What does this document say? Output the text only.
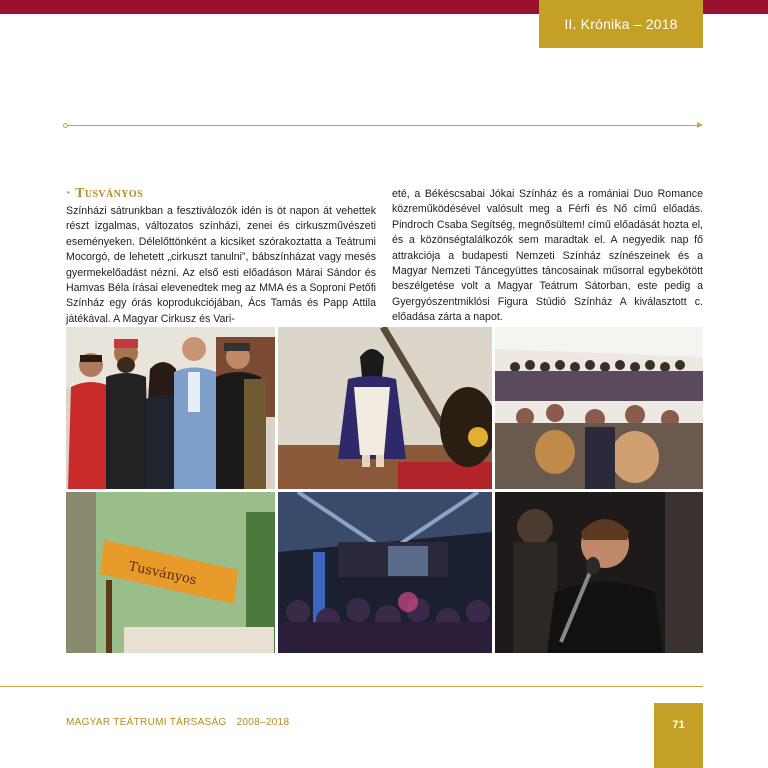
II. Krónika – 2018
· Tusványos

Színházi sátrunkban a fesztiválozók idén is öt napon át vehettek részt izgalmas, változatos színházi, zenei és cirkuszművészeti eseményeken. Délelőttönként a kicsiket szórakoztatta a Teátrumi Mocorgó, de lehetett „cirkuszt tanulni”, bábszínházat vagy mesés gyermekelőadást nézni. Az első esti előadáson Márai Sándor és Hamvas Béla írásai elevenedtek meg az MMA és a Soproni Petőfi Színház egy órás koprodukciójában, Ács Tamás és Papp Attila játékával. A Magyar Cirkusz és Vari-

eté, a Békéscsabai Jókai Színház és a romániai Duo Romance közreműködésével valósult meg a Férfi és Nő című előadás. Pindroch Csaba Segítség, megnősültem! című előadását hozta el, és a közönségtalálkozók sem maradtak el. A negyedik nap fő attrakciója a budapesti Nemzeti Színház színészeinek és a Magyar Nemzeti Táncegyüttes táncosainak műsorral egybekötött beszélgetése volt a Magyar Teátrum Sátorban, este pedig a Gyergyószentmiklósi Figura Stúdió Színház A kiválasztott c. előadása zárta a napot.

Tusványos
MAGYAR TEÁTRUMI TÁRSASÁG 2008–2018	71
